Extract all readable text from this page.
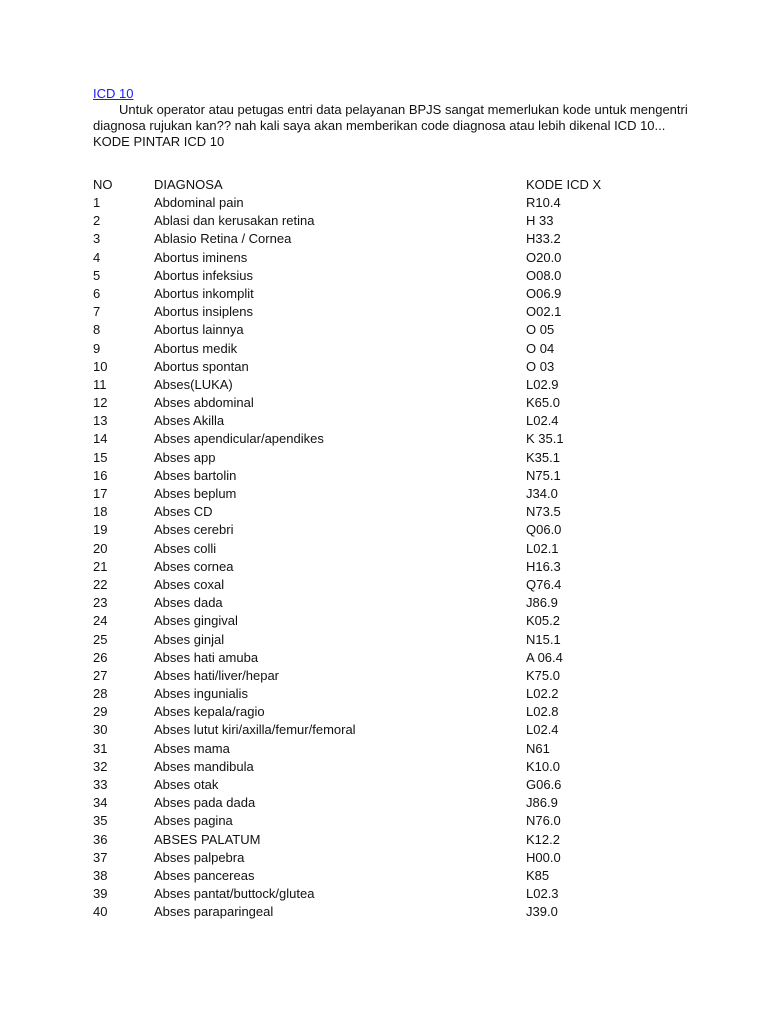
ICD 10

Untuk operator atau petugas entri data pelayanan BPJS sangat memerlukan kode untuk mengentri diagnosa rujukan kan?? nah kali saya akan memberikan code diagnosa atau lebih dikenal ICD 10...

KODE PINTAR ICD 10
NO	DIAGNOSA	KODE ICD X
1	Abdominal pain	R10.4
2	Ablasi dan kerusakan retina	H 33
3	Ablasio Retina / Cornea	H33.2
4	Abortus iminens	O20.0
5	Abortus infeksius	O08.0
6	Abortus inkomplit	O06.9
7	Abortus insiplens	O02.1
8	Abortus lainnya	O 05
9	Abortus medik	O 04
10	Abortus spontan	O 03
11	Abses(LUKA)	L02.9
12	Abses abdominal	K65.0
13	Abses Akilla	L02.4
14	Abses apendicular/apendikes	K 35.1
15	Abses app	K35.1
16	Abses bartolin	N75.1
17	Abses beplum	J34.0
18	Abses CD	N73.5
19	Abses cerebri	Q06.0
20	Abses colli	L02.1
21	Abses cornea	H16.3
22	Abses coxal	Q76.4
23	Abses dada	J86.9
24	Abses gingival	K05.2
25	Abses ginjal	N15.1
26	Abses hati amuba	A 06.4
27	Abses hati/liver/hepar	K75.0
28	Abses ingunialis	L02.2
29	Abses kepala/ragio	L02.8
30	Abses lutut kiri/axilla/femur/femoral	L02.4
31	Abses mama	N61
32	Abses mandibula	K10.0
33	Abses otak	G06.6
34	Abses pada dada	J86.9
35	Abses pagina	N76.0
36	ABSES PALATUM	K12.2
37	Abses palpebra	H00.0
38	Abses pancereas	K85
39	Abses pantat/buttock/glutea	L02.3
40	Abses paraparingeal	J39.0
